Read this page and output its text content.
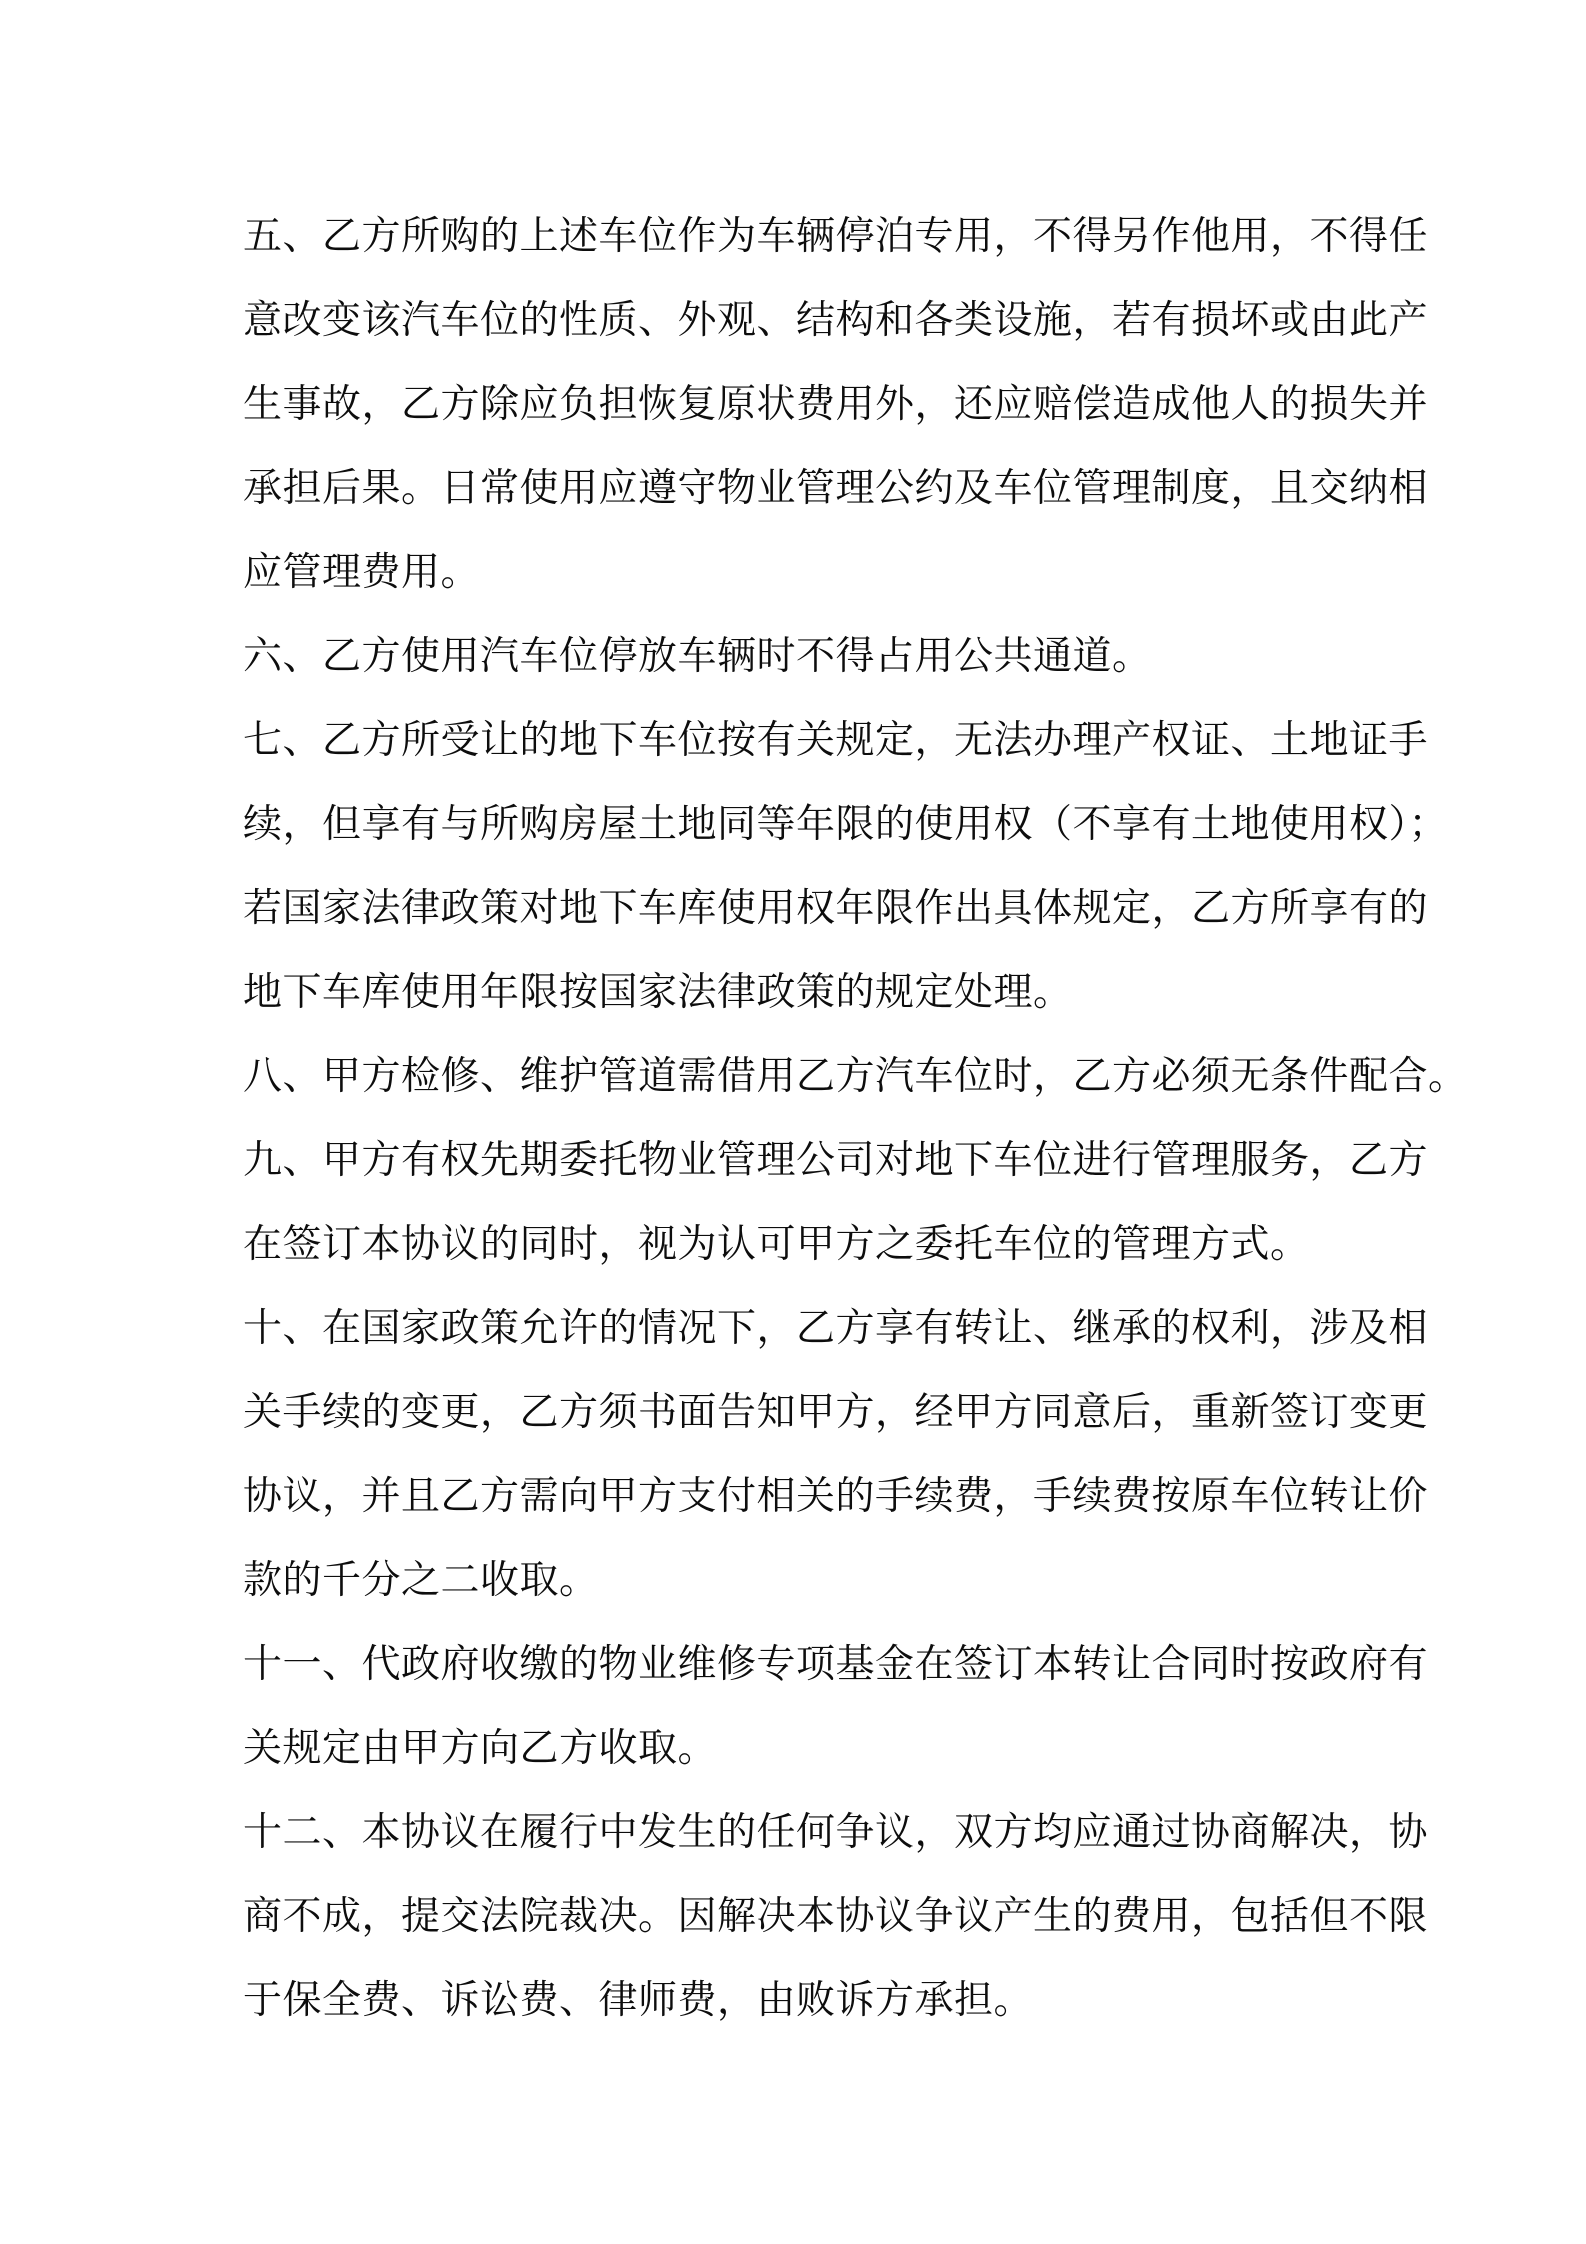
五、乙方所购的上述车位作为车辆停泊专用，不得另作他用，不得任
意改变该汽车位的性质、外观、结构和各类设施，若有损坏或由此产
生事故，乙方除应负担恢复原状费用外，还应赔偿造成他人的损失并
承担后果。日常使用应遵守物业管理公约及车位管理制度，且交纳相
应管理费用。
六、乙方使用汽车位停放车辆时不得占用公共通道。
七、乙方所受让的地下车位按有关规定，无法办理产权证、土地证手
续，但享有与所购房屋土地同等年限的使用权（不享有土地使用权）；
若国家法律政策对地下车库使用权年限作出具体规定，乙方所享有的
地下车库使用年限按国家法律政策的规定处理。
八、甲方检修、维护管道需借用乙方汽车位时，乙方必须无条件配合。
九、甲方有权先期委托物业管理公司对地下车位进行管理服务，乙方
在签订本协议的同时，视为认可甲方之委托车位的管理方式。
十、在国家政策允许的情况下，乙方享有转让、继承的权利，涉及相
关手续的变更，乙方须书面告知甲方，经甲方同意后，重新签订变更
协议，并且乙方需向甲方支付相关的手续费，手续费按原车位转让价
款的千分之二收取。
十一、代政府收缴的物业维修专项基金在签订本转让合同时按政府有
关规定由甲方向乙方收取。
十二、本协议在履行中发生的任何争议，双方均应通过协商解决，协
商不成，提交法院裁决。因解决本协议争议产生的费用，包括但不限
于保全费、诉讼费、律师费，由败诉方承担。
